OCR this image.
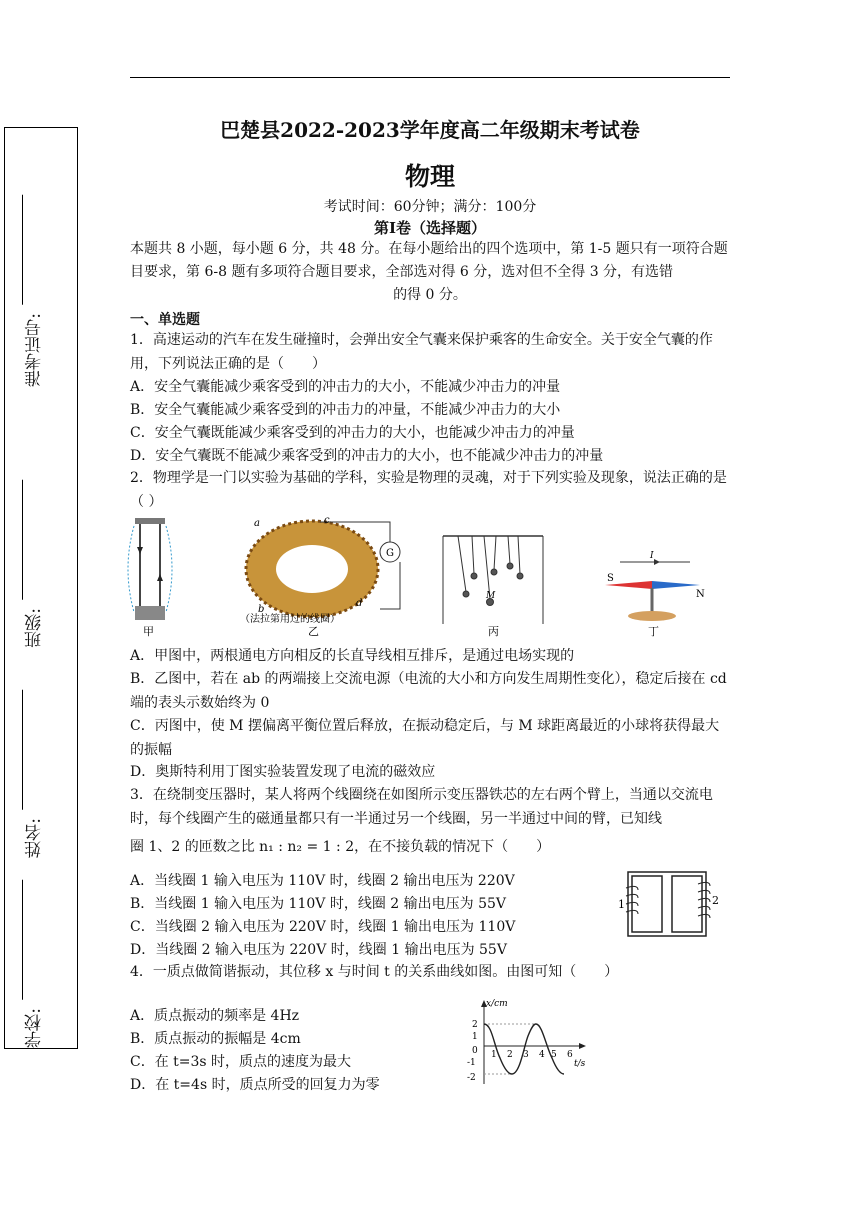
学校:
姓名:
班级:
准考证号:
巴楚县2022-2023学年度高二年级期末考试卷
物理
考试时间：60分钟；满分：100分
第Ⅰ卷（选择题）
本题共 8 小题，每小题 6 分，共 48 分。在每小题给出的四个选项中，第 1-5 题只有一项符合题目要求，第 6-8 题有多项符合题目要求，全部选对得 6 分，选对但不全得 3 分，有选错
的得 0 分。
一、单选题
1．高速运动的汽车在发生碰撞时，会弹出安全气囊来保护乘客的生命安全。关于安全气囊的作用，下列说法正确的是（　　）
A．安全气囊能减少乘客受到的冲击力的大小，不能减少冲击力的冲量
B．安全气囊能减少乘客受到的冲击力的冲量，不能减少冲击力的大小
C．安全气囊既能减少乘客受到的冲击力的大小，也能减少冲击力的冲量
D．安全气囊既不能减少乘客受到的冲击力的大小，也不能减少冲击力的冲量
2．物理学是一门以实验为基础的学科，实验是物理的灵魂，对于下列实验及现象，说法正确的是（ ）
甲
G
a	c
b
d
（法拉第用过的线圈）
乙
M
丙
I
S
N
丁
A．甲图中，两根通电方向相反的长直导线相互排斥，是通过电场实现的
B．乙图中，若在 ab 的两端接上交流电源（电流的大小和方向发生周期性变化），稳定后接在 cd 端的表头示数始终为 0
C．丙图中，使 M 摆偏离平衡位置后释放，在振动稳定后，与 M 球距离最近的小球将获得最大的振幅
D．奥斯特利用丁图实验装置发现了电流的磁效应
3．在绕制变压器时，某人将两个线圈绕在如图所示变压器铁芯的左右两个臂上，当通以交流电时，每个线圈产生的磁通量都只有一半通过另一个线圈，另一半通过中间的臂，已知线
圈 1、2 的匝数之比 n₁ : n₂ = 1 : 2，在不接负载的情况下（　　）
A．当线圈 1 输入电压为 110V 时，线圈 2 输出电压为 220V
B．当线圈 1 输入电压为 110V 时，线圈 2 输出电压为 55V
C．当线圈 2 输入电压为 220V 时，线圈 1 输出电压为 110V
D．当线圈 2 输入电压为 220V 时，线圈 1 输出电压为 55V
1	2
4．一质点做简谐振动，其位移 x 与时间 t 的关系曲线如图。由图可知（　　）
A．质点振动的频率是 4Hz
B．质点振动的振幅是 4cm
C．在 t=3s 时，质点的速度为最大
D．在 t=4s 时，质点所受的回复力为零
x/cm
t/s
2
1
0
-1
-2
1 2 3 4 5 6
